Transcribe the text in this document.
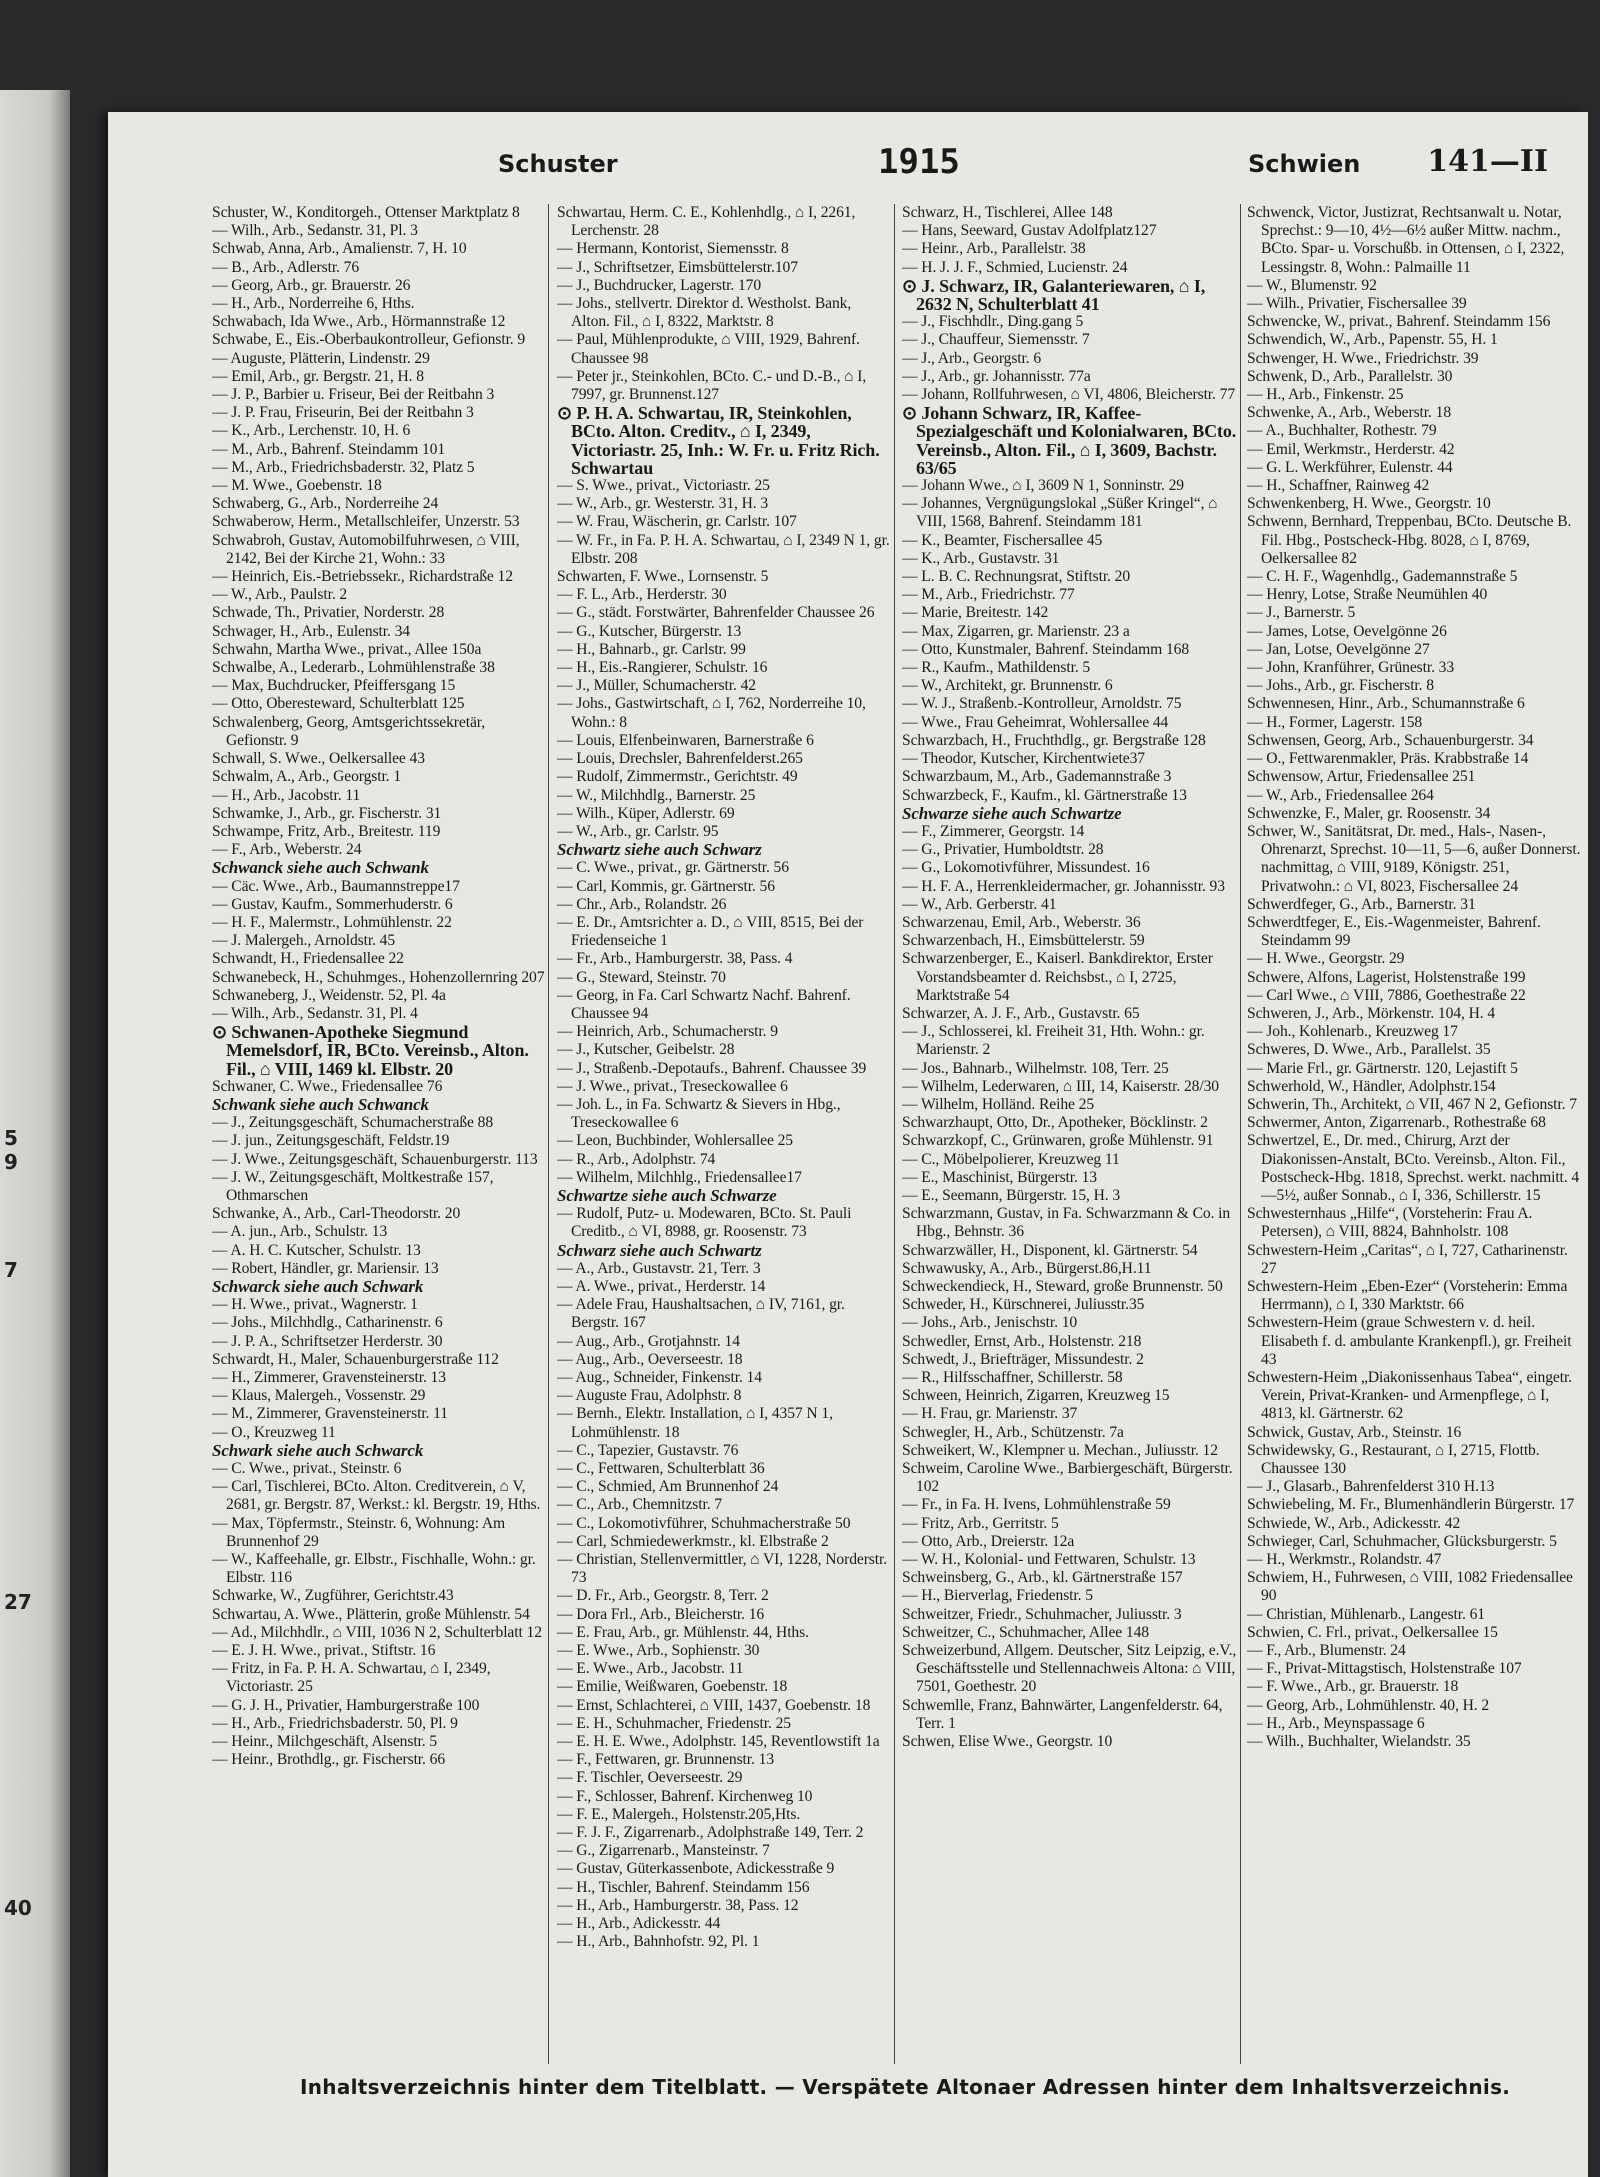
5
9
7
27
40
Schuster	1915	Schwien 141—II

Schuster, W., Konditorgeh., Ottenser Marktplatz 8

— Wilh., Arb., Sedanstr. 31, Pl. 3

Schwab, Anna, Arb., Amalienstr. 7, H. 10

— B., Arb., Adlerstr. 76

— Georg, Arb., gr. Brauerstr. 26

— H., Arb., Norderreihe 6, Hths.

Schwabach, Ida Wwe., Arb., Hörmannstraße 12

Schwabe, E., Eis.-Oberbaukontrolleur, Gefionstr. 9

— Auguste, Plätterin, Lindenstr. 29

— Emil, Arb., gr. Bergstr. 21, H. 8

— J. P., Barbier u. Friseur, Bei der Reitbahn 3

— J. P. Frau, Friseurin, Bei der Reitbahn 3

— K., Arb., Lerchenstr. 10, H. 6

— M., Arb., Bahrenf. Steindamm 101

— M., Arb., Friedrichsbaderstr. 32, Platz 5

— M. Wwe., Goebenstr. 18

Schwaberg, G., Arb., Norderreihe 24

Schwaberow, Herm., Metallschleifer, Unzerstr. 53

Schwabroh, Gustav, Automobilfuhrwesen, ⌂ VIII, 2142, Bei der Kirche 21, Wohn.: 33

— Heinrich, Eis.-Betriebssekr., Richardstraße 12

— W., Arb., Paulstr. 2

Schwade, Th., Privatier, Norderstr. 28

Schwager, H., Arb., Eulenstr. 34

Schwahn, Martha Wwe., privat., Allee 150a

Schwalbe, A., Lederarb., Lohmühlenstraße 38

— Max, Buchdrucker, Pfeiffersgang 15

— Otto, Oberesteward, Schulterblatt 125

Schwalenberg, Georg, Amtsgerichtssekretär, Gefionstr. 9

Schwall, S. Wwe., Oelkersallee 43

Schwalm, A., Arb., Georgstr. 1

— H., Arb., Jacobstr. 11

Schwamke, J., Arb., gr. Fischerstr. 31

Schwampe, Fritz, Arb., Breitestr. 119

— F., Arb., Weberstr. 24

Schwanck siehe auch Schwank

— Cäc. Wwe., Arb., Baumannstreppe17

— Gustav, Kaufm., Sommerhuderstr. 6

— H. F., Malermstr., Lohmühlenstr. 22

— J. Malergeh., Arnoldstr. 45

Schwandt, H., Friedensallee 22

Schwanebeck, H., Schuhmges., Hohenzollernring 207

Schwaneberg, J., Weidenstr. 52, Pl. 4a

— Wilh., Arb., Sedanstr. 31, Pl. 4

⊙ Schwanen-Apotheke Siegmund Memelsdorf, IR, BCto. Vereinsb., Alton. Fil., ⌂ VIII, 1469 kl. Elbstr. 20

Schwaner, C. Wwe., Friedensallee 76

Schwank siehe auch Schwanck

— J., Zeitungsgeschäft, Schumacherstraße 88

— J. jun., Zeitungsgeschäft, Feldstr.19

— J. Wwe., Zeitungsgeschäft, Schauenburgerstr. 113

— J. W., Zeitungsgeschäft, Moltkestraße 157, Othmarschen

Schwanke, A., Arb., Carl-Theodorstr. 20

— A. jun., Arb., Schulstr. 13

— A. H. C. Kutscher, Schulstr. 13

— Robert, Händler, gr. Mariensir. 13

Schwarck siehe auch Schwark

— H. Wwe., privat., Wagnerstr. 1

— Johs., Milchhdlg., Catharinenstr. 6

— J. P. A., Schriftsetzer Herderstr. 30

Schwardt, H., Maler, Schauenburgerstraße 112

— H., Zimmerer, Gravensteinerstr. 13

— Klaus, Malergeh., Vossenstr. 29

— M., Zimmerer, Gravensteinerstr. 11

— O., Kreuzweg 11

Schwark siehe auch Schwarck

— C. Wwe., privat., Steinstr. 6

— Carl, Tischlerei, BCto. Alton. Creditverein, ⌂ V, 2681, gr. Bergstr. 87, Werkst.: kl. Bergstr. 19, Hths.

— Max, Töpfermstr., Steinstr. 6, Wohnung: Am Brunnenhof 29

— W., Kaffeehalle, gr. Elbstr., Fischhalle, Wohn.: gr. Elbstr. 116

Schwarke, W., Zugführer, Gerichtstr.43

Schwartau, A. Wwe., Plätterin, große Mühlenstr. 54

— Ad., Milchhdlr., ⌂ VIII, 1036 N 2, Schulterblatt 12

— E. J. H. Wwe., privat., Stiftstr. 16

— Fritz, in Fa. P. H. A. Schwartau, ⌂ I, 2349, Victoriastr. 25

— G. J. H., Privatier, Hamburgerstraße 100

— H., Arb., Friedrichsbaderstr. 50, Pl. 9

— Heinr., Milchgeschäft, Alsenstr. 5

— Heinr., Brothdlg., gr. Fischerstr. 66

Schwartau, Herm. C. E., Kohlenhdlg., ⌂ I, 2261, Lerchenstr. 28

— Hermann, Kontorist, Siemensstr. 8

— J., Schriftsetzer, Eimsbüttelerstr.107

— J., Buchdrucker, Lagerstr. 170

— Johs., stellvertr. Direktor d. Westholst. Bank, Alton. Fil., ⌂ I, 8322, Marktstr. 8

— Paul, Mühlenprodukte, ⌂ VIII, 1929, Bahrenf. Chaussee 98

— Peter jr., Steinkohlen, BCto. C.- und D.-B., ⌂ I, 7997, gr. Brunnenst.127

⊙ P. H. A. Schwartau, IR, Steinkohlen, BCto. Alton. Creditv., ⌂ I, 2349, Victoriastr. 25, Inh.: W. Fr. u. Fritz Rich. Schwartau

— S. Wwe., privat., Victoriastr. 25

— W., Arb., gr. Westerstr. 31, H. 3

— W. Frau, Wäscherin, gr. Carlstr. 107

— W. Fr., in Fa. P. H. A. Schwartau, ⌂ I, 2349 N 1, gr. Elbstr. 208

Schwarten, F. Wwe., Lornsenstr. 5

— F. L., Arb., Herderstr. 30

— G., städt. Forstwärter, Bahrenfelder Chaussee 26

— G., Kutscher, Bürgerstr. 13

— H., Bahnarb., gr. Carlstr. 99

— H., Eis.-Rangierer, Schulstr. 16

— J., Müller, Schumacherstr. 42

— Johs., Gastwirtschaft, ⌂ I, 762, Norderreihe 10, Wohn.: 8

— Louis, Elfenbeinwaren, Barnerstraße 6

— Louis, Drechsler, Bahrenfelderst.265

— Rudolf, Zimmermstr., Gerichtstr. 49

— W., Milchhdlg., Barnerstr. 25

— Wilh., Küper, Adlerstr. 69

— W., Arb., gr. Carlstr. 95

Schwartz siehe auch Schwarz

— C. Wwe., privat., gr. Gärtnerstr. 56

— Carl, Kommis, gr. Gärtnerstr. 56

— Chr., Arb., Rolandstr. 26

— E. Dr., Amtsrichter a. D., ⌂ VIII, 8515, Bei der Friedenseiche 1

— Fr., Arb., Hamburgerstr. 38, Pass. 4

— G., Steward, Steinstr. 70

— Georg, in Fa. Carl Schwartz Nachf. Bahrenf. Chaussee 94

— Heinrich, Arb., Schumacherstr. 9

— J., Kutscher, Geibelstr. 28

— J., Straßenb.-Depotaufs., Bahrenf. Chaussee 39

— J. Wwe., privat., Treseckowallee 6

— Joh. L., in Fa. Schwartz & Sievers in Hbg., Treseckowallee 6

— Leon, Buchbinder, Wohlersallee 25

— R., Arb., Adolphstr. 74

— Wilhelm, Milchhlg., Friedensallee17

Schwartze siehe auch Schwarze

— Rudolf, Putz- u. Modewaren, BCto. St. Pauli Creditb., ⌂ VI, 8988, gr. Roosenstr. 73

Schwarz siehe auch Schwartz

— A., Arb., Gustavstr. 21, Terr. 3

— A. Wwe., privat., Herderstr. 14

— Adele Frau, Haushaltsachen, ⌂ IV, 7161, gr. Bergstr. 167

— Aug., Arb., Grotjahnstr. 14

— Aug., Arb., Oeverseestr. 18

— Aug., Schneider, Finkenstr. 14

— Auguste Frau, Adolphstr. 8

— Bernh., Elektr. Installation, ⌂ I, 4357 N 1, Lohmühlenstr. 18

— C., Tapezier, Gustavstr. 76

— C., Fettwaren, Schulterblatt 36

— C., Schmied, Am Brunnenhof 24

— C., Arb., Chemnitzstr. 7

— C., Lokomotivführer, Schuhmacherstraße 50

— Carl, Schmiedewerkmstr., kl. Elbstraße 2

— Christian, Stellenvermittler, ⌂ VI, 1228, Norderstr. 73

— D. Fr., Arb., Georgstr. 8, Terr. 2

— Dora Frl., Arb., Bleicherstr. 16

— E. Frau, Arb., gr. Mühlenstr. 44, Hths.

— E. Wwe., Arb., Sophienstr. 30

— E. Wwe., Arb., Jacobstr. 11

— Emilie, Weißwaren, Goebenstr. 18

— Ernst, Schlachterei, ⌂ VIII, 1437, Goebenstr. 18

— E. H., Schuhmacher, Friedenstr. 25

— E. H. E. Wwe., Adolphstr. 145, Reventlowstift 1a

— F., Fettwaren, gr. Brunnenstr. 13

— F. Tischler, Oeverseestr. 29

— F., Schlosser, Bahrenf. Kirchenweg 10

— F. E., Malergeh., Holstenstr.205,Hts.

— F. J. F., Zigarrenarb., Adolphstraße 149, Terr. 2

— G., Zigarrenarb., Mansteinstr. 7

— Gustav, Güterkassenbote, Adickesstraße 9

— H., Tischler, Bahrenf. Steindamm 156

— H., Arb., Hamburgerstr. 38, Pass. 12

— H., Arb., Adickesstr. 44

— H., Arb., Bahnhofstr. 92, Pl. 1

Schwarz, H., Tischlerei, Allee 148

— Hans, Seeward, Gustav Adolfplatz127

— Heinr., Arb., Parallelstr. 38

— H. J. J. F., Schmied, Lucienstr. 24

⊙ J. Schwarz, IR, Galanteriewaren, ⌂ I, 2632 N, Schulterblatt 41

— J., Fischhdlr., Ding.gang 5

— J., Chauffeur, Siemensstr. 7

— J., Arb., Georgstr. 6

— J., Arb., gr. Johannisstr. 77a

— Johann, Rollfuhrwesen, ⌂ VI, 4806, Bleicherstr. 77

⊙ Johann Schwarz, IR, Kaffee-Spezialgeschäft und Kolonialwaren, BCto. Vereinsb., Alton. Fil., ⌂ I, 3609, Bachstr. 63/65

— Johann Wwe., ⌂ I, 3609 N 1, Sonninstr. 29

— Johannes, Vergnügungslokal „Süßer Kringel“, ⌂ VIII, 1568, Bahrenf. Steindamm 181

— K., Beamter, Fischersallee 45

— K., Arb., Gustavstr. 31

— L. B. C. Rechnungsrat, Stiftstr. 20

— M., Arb., Friedrichstr. 77

— Marie, Breitestr. 142

— Max, Zigarren, gr. Marienstr. 23 a

— Otto, Kunstmaler, Bahrenf. Steindamm 168

— R., Kaufm., Mathildenstr. 5

— W., Architekt, gr. Brunnenstr. 6

— W. J., Straßenb.-Kontrolleur, Arnoldstr. 75

— Wwe., Frau Geheimrat, Wohlersallee 44

Schwarzbach, H., Fruchthdlg., gr. Bergstraße 128

— Theodor, Kutscher, Kirchentwiete37

Schwarzbaum, M., Arb., Gademannstraße 3

Schwarzbeck, F., Kaufm., kl. Gärtnerstraße 13

Schwarze siehe auch Schwartze

— F., Zimmerer, Georgstr. 14

— G., Privatier, Humboldtstr. 28

— G., Lokomotivführer, Missundest. 16

— H. F. A., Herrenkleidermacher, gr. Johannisstr. 93

— W., Arb. Gerberstr. 41

Schwarzenau, Emil, Arb., Weberstr. 36

Schwarzenbach, H., Eimsbüttelerstr. 59

Schwarzenberger, E., Kaiserl. Bankdirektor, Erster Vorstandsbeamter d. Reichsbst., ⌂ I, 2725, Marktstraße 54

Schwarzer, A. J. F., Arb., Gustavstr. 65

— J., Schlosserei, kl. Freiheit 31, Hth. Wohn.: gr. Marienstr. 2

— Jos., Bahnarb., Wilhelmstr. 108, Terr. 25

— Wilhelm, Lederwaren, ⌂ III, 14, Kaiserstr. 28/30

— Wilhelm, Holländ. Reihe 25

Schwarzhaupt, Otto, Dr., Apotheker, Böcklinstr. 2

Schwarzkopf, C., Grünwaren, große Mühlenstr. 91

— C., Möbelpolierer, Kreuzweg 11

— E., Maschinist, Bürgerstr. 13

— E., Seemann, Bürgerstr. 15, H. 3

Schwarzmann, Gustav, in Fa. Schwarzmann & Co. in Hbg., Behnstr. 36

Schwarzwäller, H., Disponent, kl. Gärtnerstr. 54

Schwawusky, A., Arb., Bürgerst.86,H.11

Schweckendieck, H., Steward, große Brunnenstr. 50

Schweder, H., Kürschnerei, Juliusstr.35

— Johs., Arb., Jenischstr. 10

Schwedler, Ernst, Arb., Holstenstr. 218

Schwedt, J., Briefträger, Missundestr. 2

— R., Hilfsschaffner, Schillerstr. 58

Schween, Heinrich, Zigarren, Kreuzweg 15

— H. Frau, gr. Marienstr. 37

Schwegler, H., Arb., Schützenstr. 7a

Schweikert, W., Klempner u. Mechan., Juliusstr. 12

Schweim, Caroline Wwe., Barbiergeschäft, Bürgerstr. 102

— Fr., in Fa. H. Ivens, Lohmühlenstraße 59

— Fritz, Arb., Gerritstr. 5

— Otto, Arb., Dreierstr. 12a

— W. H., Kolonial- und Fettwaren, Schulstr. 13

Schweinsberg, G., Arb., kl. Gärtnerstraße 157

— H., Bierverlag, Friedenstr. 5

Schweitzer, Friedr., Schuhmacher, Juliusstr. 3

Schweitzer, C., Schuhmacher, Allee 148

Schweizerbund, Allgem. Deutscher, Sitz Leipzig, e.V., Geschäftsstelle und Stellennachweis Altona: ⌂ VIII, 7501, Goethestr. 20

Schwemlle, Franz, Bahnwärter, Langenfelderstr. 64, Terr. 1

Schwen, Elise Wwe., Georgstr. 10

Schwenck, Victor, Justizrat, Rechtsanwalt u. Notar, Sprechst.: 9—10, 4½—6½ außer Mittw. nachm., BCto. Spar- u. Vorschußb. in Ottensen, ⌂ I, 2322, Lessingstr. 8, Wohn.: Palmaille 11

— W., Blumenstr. 92

— Wilh., Privatier, Fischersallee 39

Schwencke, W., privat., Bahrenf. Steindamm 156

Schwendich, W., Arb., Papenstr. 55, H. 1

Schwenger, H. Wwe., Friedrichstr. 39

Schwenk, D., Arb., Parallelstr. 30

— H., Arb., Finkenstr. 25

Schwenke, A., Arb., Weberstr. 18

— A., Buchhalter, Rothestr. 79

— Emil, Werkmstr., Herderstr. 42

— G. L. Werkführer, Eulenstr. 44

— H., Schaffner, Rainweg 42

Schwenkenberg, H. Wwe., Georgstr. 10

Schwenn, Bernhard, Treppenbau, BCto. Deutsche B. Fil. Hbg., Postscheck-Hbg. 8028, ⌂ I, 8769, Oelkersallee 82

— C. H. F., Wagenhdlg., Gademannstraße 5

— Henry, Lotse, Straße Neumühlen 40

— J., Barnerstr. 5

— James, Lotse, Oevelgönne 26

— Jan, Lotse, Oevelgönne 27

— John, Kranführer, Grünestr. 33

— Johs., Arb., gr. Fischerstr. 8

Schwennesen, Hinr., Arb., Schumannstraße 6

— H., Former, Lagerstr. 158

Schwensen, Georg, Arb., Schauenburgerstr. 34

— O., Fettwarenmakler, Präs. Krabbstraße 14

Schwensow, Artur, Friedensallee 251

— W., Arb., Friedensallee 264

Schwenzke, F., Maler, gr. Roosenstr. 34

Schwer, W., Sanitätsrat, Dr. med., Hals-, Nasen-, Ohrenarzt, Sprechst. 10—11, 5—6, außer Donnerst. nachmittag, ⌂ VIII, 9189, Königstr. 251, Privatwohn.: ⌂ VI, 8023, Fischersallee 24

Schwerdfeger, G., Arb., Barnerstr. 31

Schwerdtfeger, E., Eis.-Wagenmeister, Bahrenf. Steindamm 99

— H. Wwe., Georgstr. 29

Schwere, Alfons, Lagerist, Holstenstraße 199

— Carl Wwe., ⌂ VIII, 7886, Goethestraße 22

Schweren, J., Arb., Mörkenstr. 104, H. 4

— Joh., Kohlenarb., Kreuzweg 17

Schweres, D. Wwe., Arb., Parallelst. 35

— Marie Frl., gr. Gärtnerstr. 120, Lejastift 5

Schwerhold, W., Händler, Adolphstr.154

Schwerin, Th., Architekt, ⌂ VII, 467 N 2, Gefionstr. 7

Schwermer, Anton, Zigarrenarb., Rothestraße 68

Schwertzel, E., Dr. med., Chirurg, Arzt der Diakonissen-Anstalt, BCto. Vereinsb., Alton. Fil., Postscheck-Hbg. 1818, Sprechst. werkt. nachmitt. 4—5½, außer Sonnab., ⌂ I, 336, Schillerstr. 15

Schwesternhaus „Hilfe“, (Vorsteherin: Frau A. Petersen), ⌂ VIII, 8824, Bahnholstr. 108

Schwestern-Heim „Caritas“, ⌂ I, 727, Catharinenstr. 27

Schwestern-Heim „Eben-Ezer“ (Vorsteherin: Emma Herrmann), ⌂ I, 330 Marktstr. 66

Schwestern-Heim (graue Schwestern v. d. heil. Elisabeth f. d. ambulante Krankenpfl.), gr. Freiheit 43

Schwestern-Heim „Diakonissenhaus Tabea“, eingetr. Verein, Privat-Kranken- und Armenpflege, ⌂ I, 4813, kl. Gärtnerstr. 62

Schwick, Gustav, Arb., Steinstr. 16

Schwidewsky, G., Restaurant, ⌂ I, 2715, Flottb. Chaussee 130

— J., Glasarb., Bahrenfelderst 310 H.13

Schwiebeling, M. Fr., Blumenhändlerin Bürgerstr. 17

Schwiede, W., Arb., Adickesstr. 42

Schwieger, Carl, Schuhmacher, Glücksburgerstr. 5

— H., Werkmstr., Rolandstr. 47

Schwiem, H., Fuhrwesen, ⌂ VIII, 1082 Friedensallee 90

— Christian, Mühlenarb., Langestr. 61

Schwien, C. Frl., privat., Oelkersallee 15

— F., Arb., Blumenstr. 24

— F., Privat-Mittagstisch, Holstenstraße 107

— F. Wwe., Arb., gr. Brauerstr. 18

— Georg, Arb., Lohmühlenstr. 40, H. 2

— H., Arb., Meynspassage 6

— Wilh., Buchhalter, Wielandstr. 35

Inhaltsverzeichnis hinter dem Titelblatt. — Verspätete Altonaer Adressen hinter dem Inhaltsverzeichnis.
